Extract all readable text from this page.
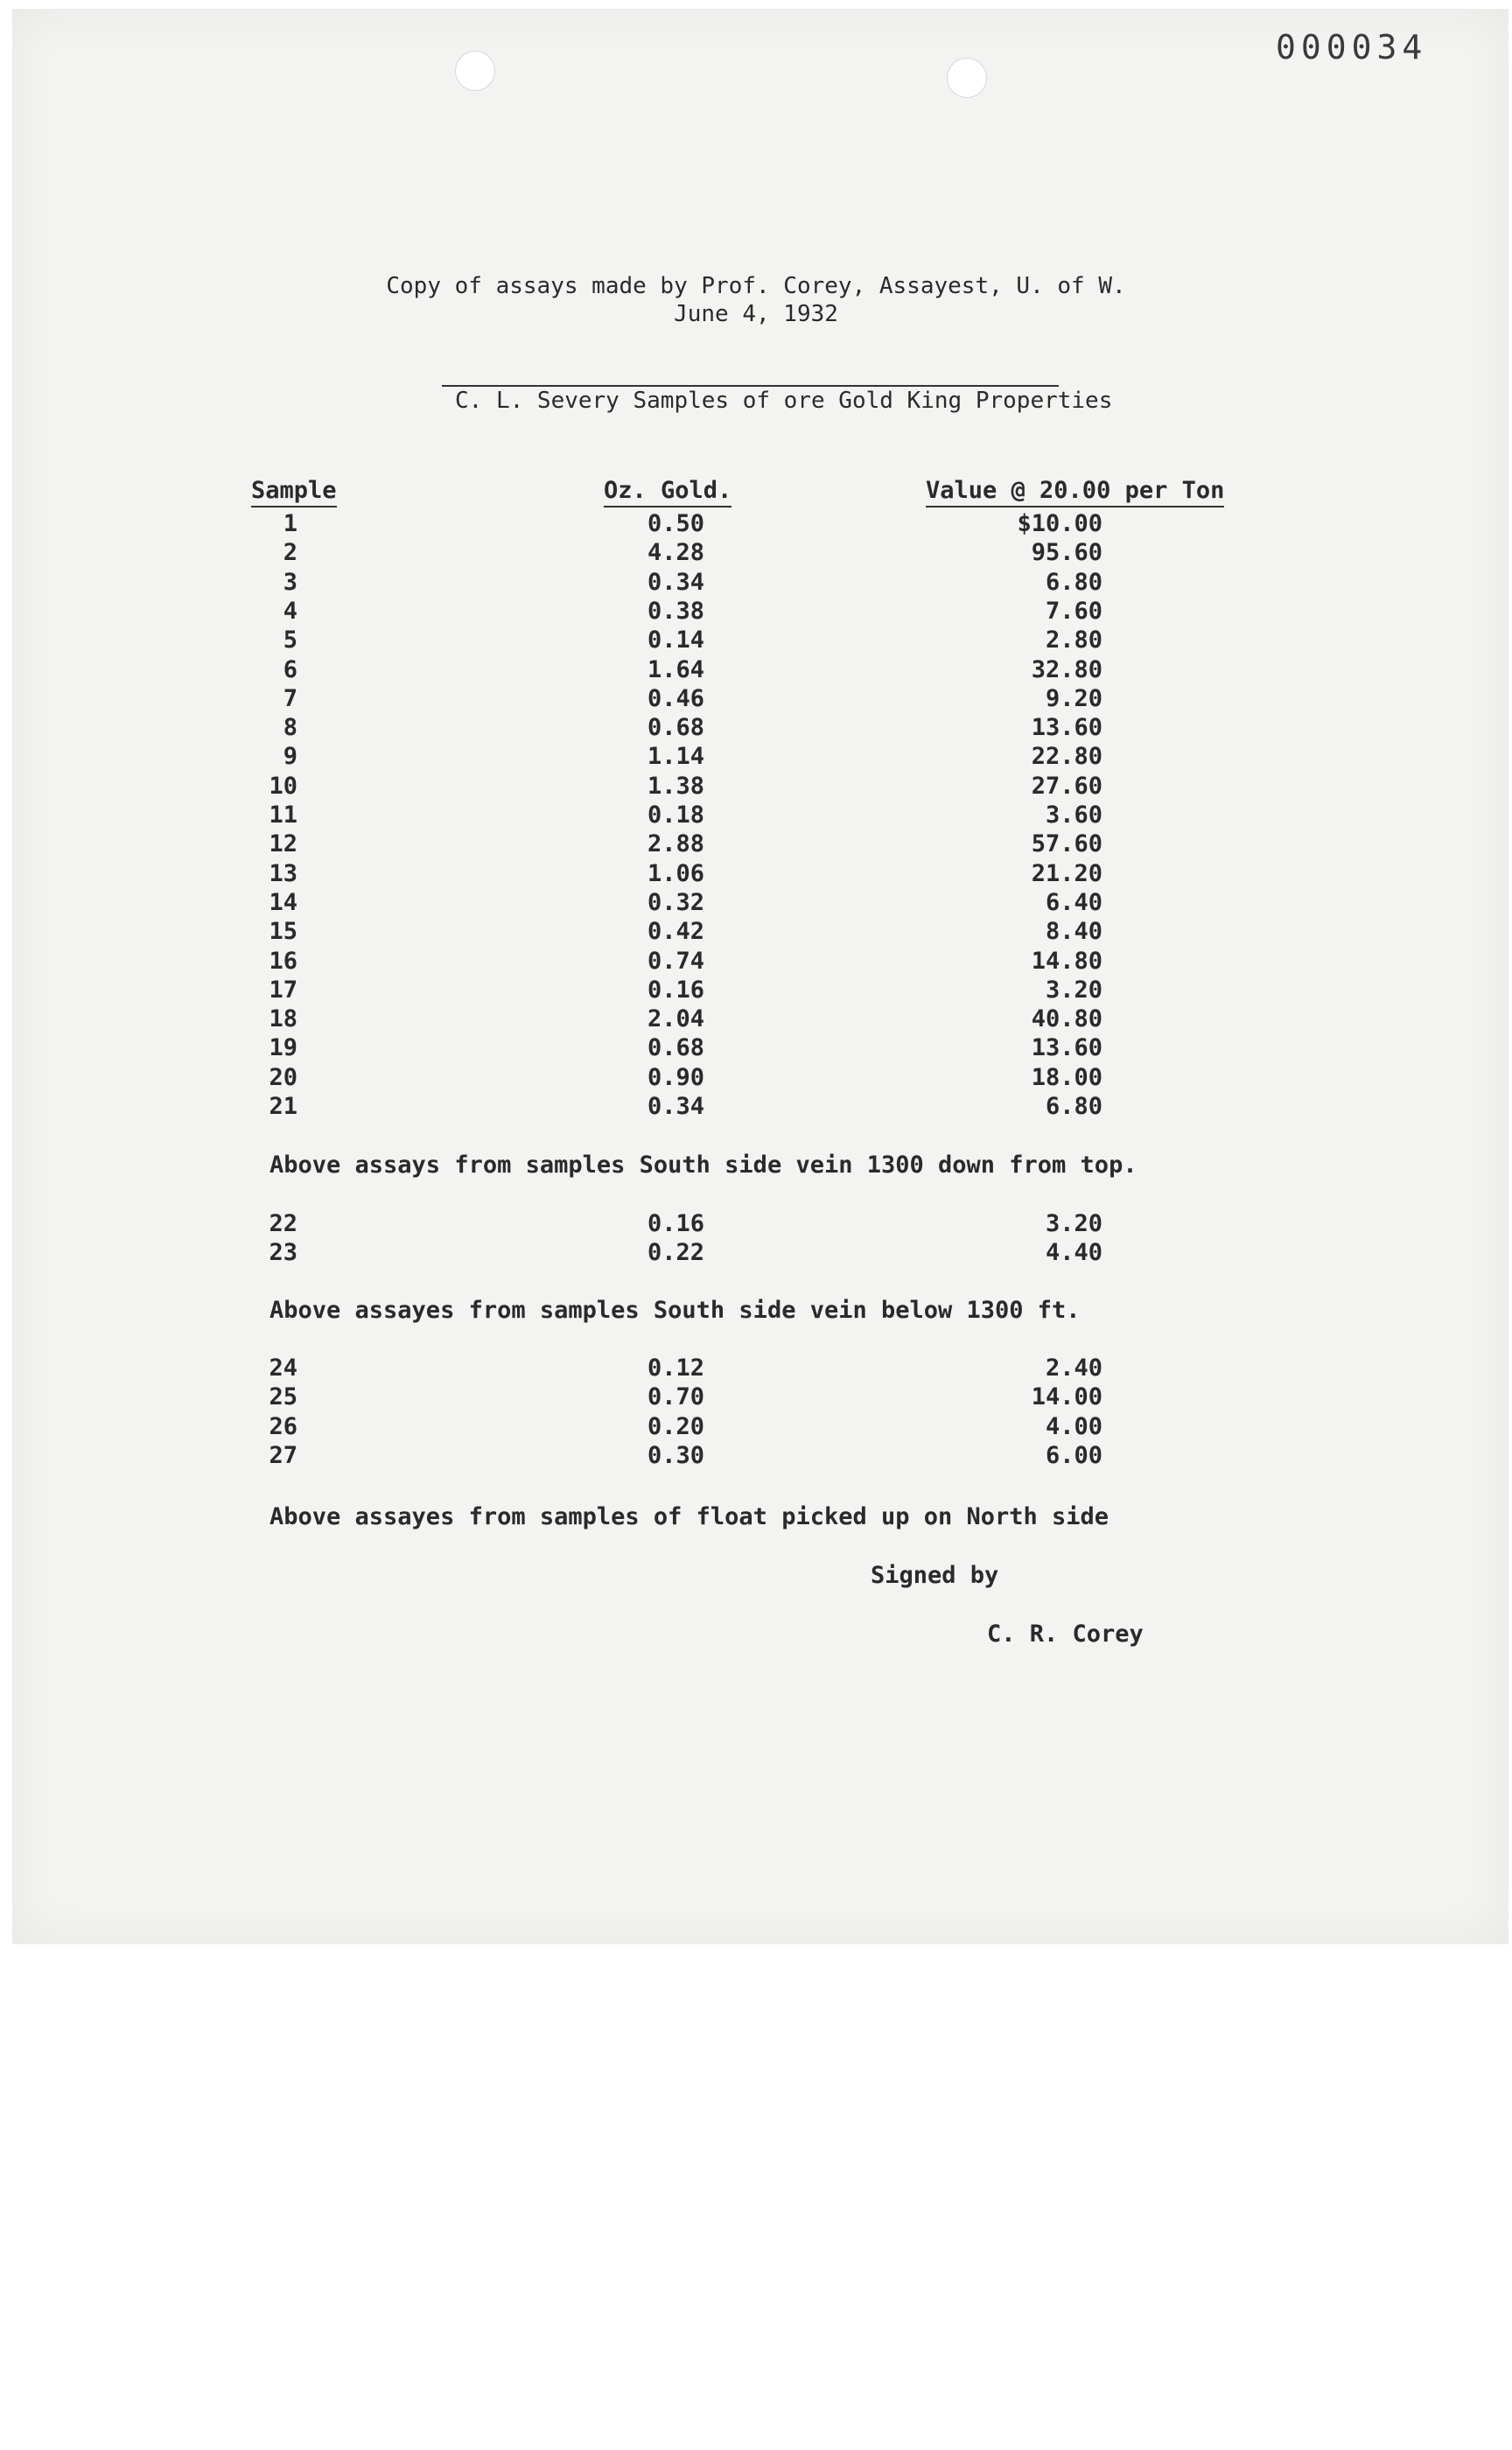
000034
Copy of assays made by Prof. Corey, Assayest, U. of W.
June 4, 1932
C. L. Severy Samples of ore Gold King Properties
Sample	Oz. Gold.	Value @ 20.00 per Ton
1	0.50	$10.00
2	4.28	95.60
3	0.34	6.80
4	0.38	7.60
5	0.14	2.80
6	1.64	32.80
7	0.46	9.20
8	0.68	13.60
9	1.14	22.80
10	1.38	27.60
11	0.18	3.60
12	2.88	57.60
13	1.06	21.20
14	0.32	6.40
15	0.42	8.40
16	0.74	14.80
17	0.16	3.20
18	2.04	40.80
19	0.68	13.60
20	0.90	18.00
21	0.34	6.80
Above assays from samples South side vein 1300 down from top.
22	0.16	3.20
23	0.22	4.40
Above assayes from samples South side vein below 1300 ft.
24	0.12	2.40
25	0.70	14.00
26	0.20	4.00
27	0.30	6.00
Above assayes from samples of float picked up on North side
Signed by
C. R. Corey
